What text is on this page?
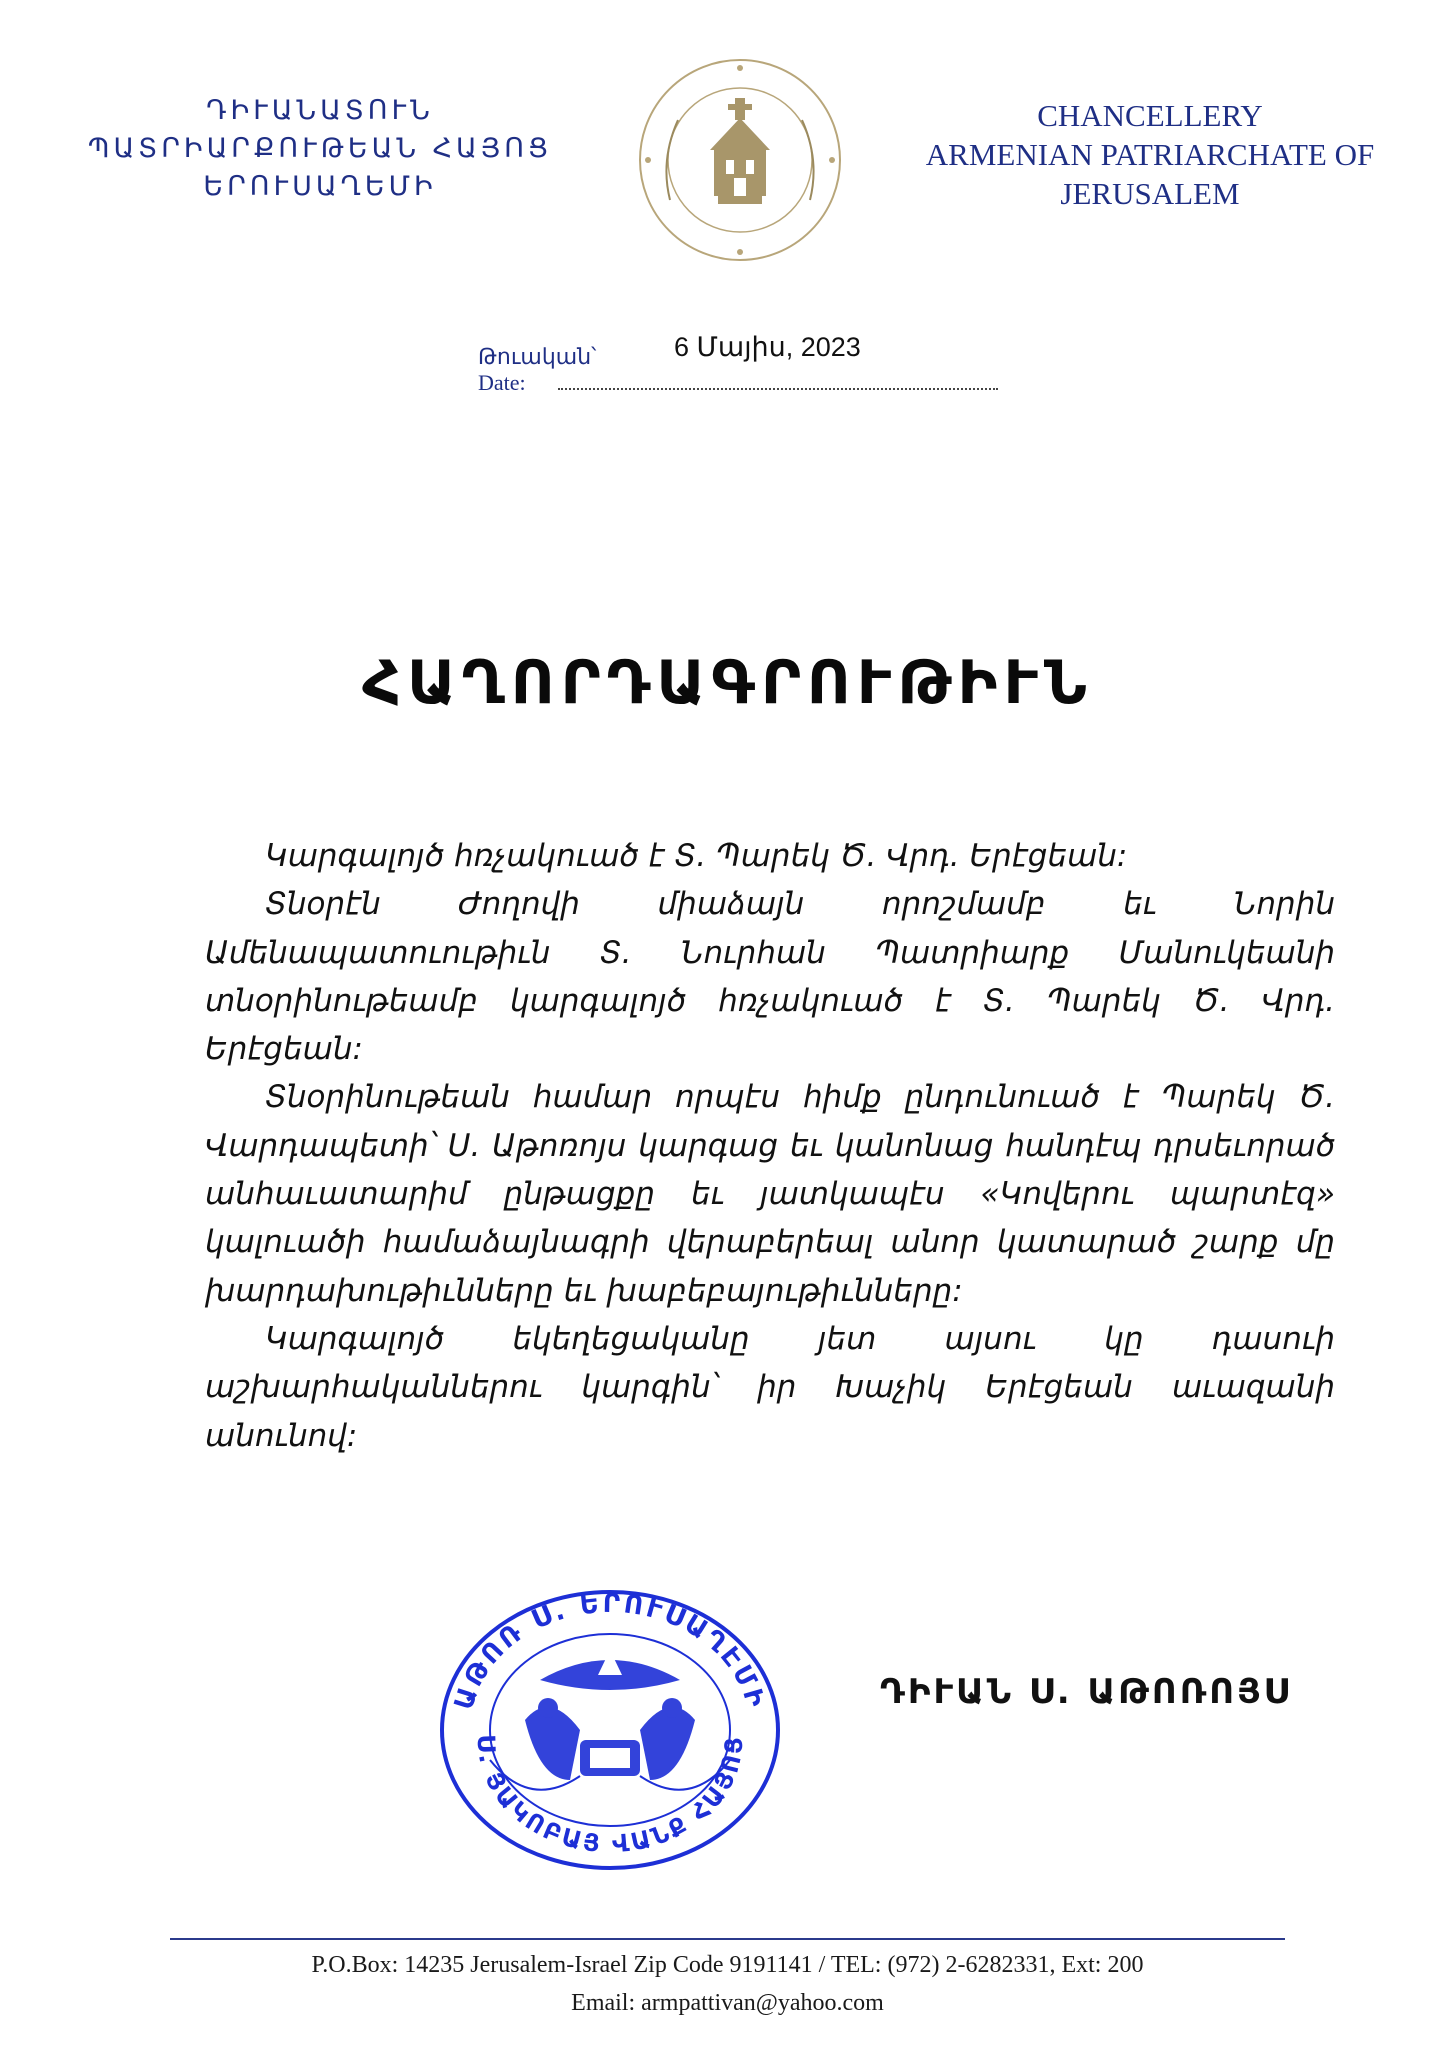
ԴԻՒԱՆԱՏՈՒՆ
ՊԱՏՐԻԱՐՔՈՒԹԵԱՆ ՀԱՅՈՑ
ԵՐՈՒՍԱՂԵՄԻ
CHANCELLERY
ARMENIAN PATRIARCHATE OF
JERUSALEM
Թուական՝
Date:
6 Մայիս, 2023
ՀԱՂՈՐԴԱԳՐՈՒԹԻՒՆ

Կարգալոյծ հռչակուած է Տ. Պարեկ Ծ. Վրդ. Երէցեան:

Տնօրէն Ժողովի միաձայն որոշմամբ եւ Նորին Ամենապատուութիւն Տ. Նուրհան Պատրիարք Մանուկեանի տնօրինութեամբ կարգալոյծ հռչակուած է Տ. Պարեկ Ծ. Վրդ. Երէցեան:

Տնօրինութեան համար որպէս հիմք ընդունուած է Պարեկ Ծ. Վարդապետի՝ Ս. Աթոռոյս կարգաց եւ կանոնաց հանդէպ դրսեւորած անհաւատարիմ ընթացքը եւ յատկապէս «Կովերու պարտէզ» կալուածի համաձայնագրի վերաբերեալ անոր կատարած շարք մը խարդախութիւնները եւ խաբեբայութիւնները:

Կարգալոյծ եկեղեցականը յետ այսու կը դասուի աշխարհականներու կարգին՝ իր Խաչիկ Երէցեան աւազանի անունով:

ԱԹՈՌ Ս. ԵՐՈՒՍԱՂԷՄԻ
Ս. ՅԱԿՈԲԱՅ ՎԱՆՔ ՀԱՅՈՑ
ԴԻՒԱՆ Ս. ԱԹՈՌՈՅՍ
P.O.Box: 14235 Jerusalem-Israel Zip Code 9191141 / TEL: (972) 2-6282331, Ext: 200
Email: armpattivan@yahoo.com
